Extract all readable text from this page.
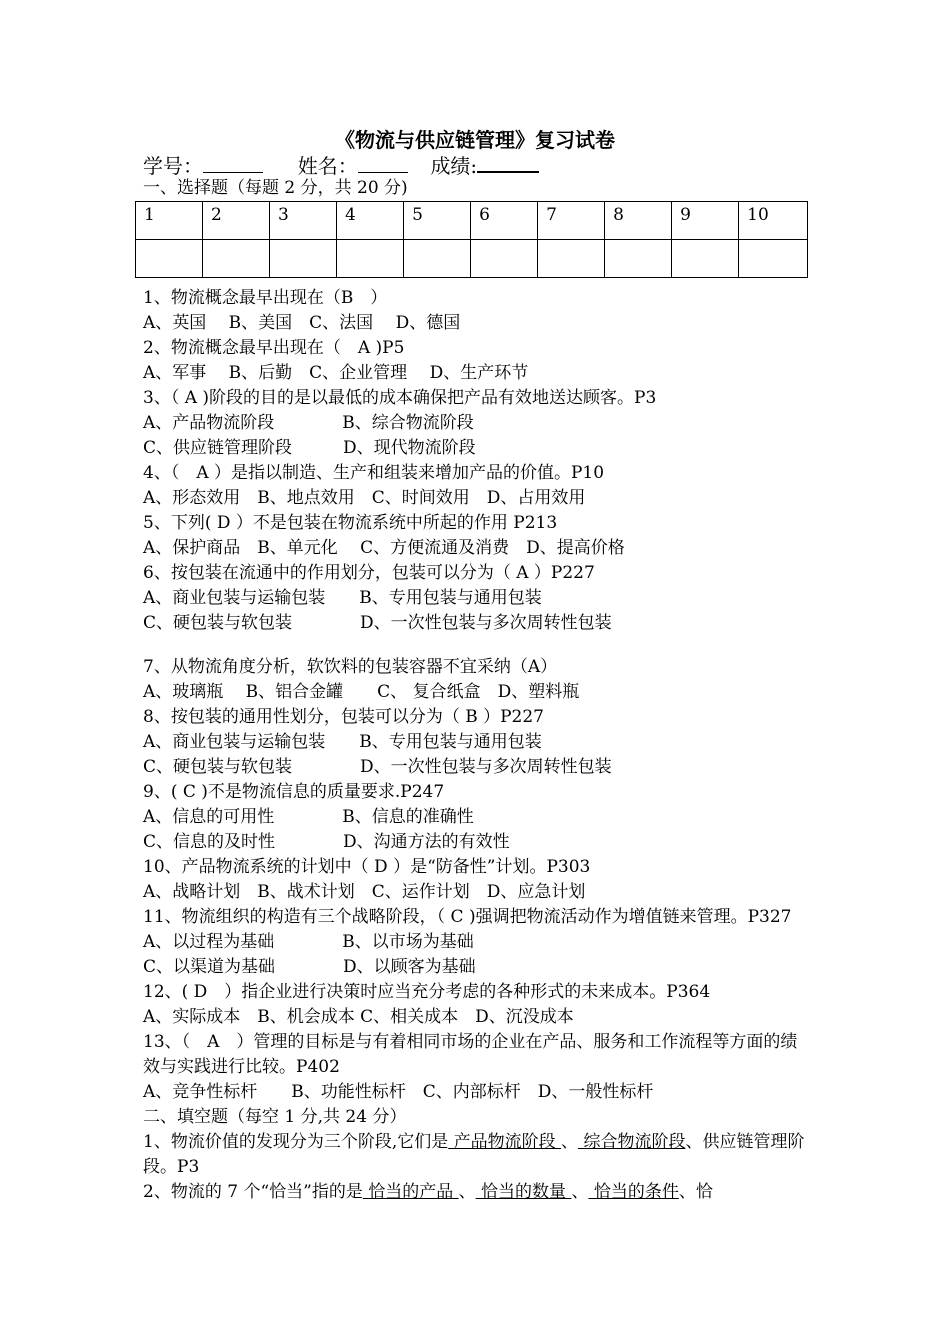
《物流与供应链管理》复习试卷
学号：	姓名：	成绩:
一、选择题（每题 2 分，共 20 分)
1	2	3	4	5	6	7	8	9	10

1、物流概念最早出现在（B　）
A、英国　 B、美国　C、法国　 D、德国
2、物流概念最早出现在（　A )P5
A、军事　 B、后勤　C、企业管理　 D、生产环节
3、（ A )阶段的目的是以最低的成本确保把产品有效地送达顾客。P3
A、产品物流阶段　　　　B、综合物流阶段
C、供应链管理阶段　　　D、现代物流阶段
4、（　A ）是指以制造、生产和组装来增加产品的价值。P10
A、形态效用　B、地点效用　C、时间效用　D、占用效用
5、下列( D ）不是包装在物流系统中所起的作用 P213
A、保护商品　B、单元化　 C、方便流通及消费　D、提高价格
6、按包装在流通中的作用划分，包装可以分为（ A ）P227
A、商业包装与运输包装　　B、专用包装与通用包装
C、硬包装与软包装　　　　D、一次性包装与多次周转性包装
7、从物流角度分析，软饮料的包装容器不宜采纳（A）
A、玻璃瓶　 B、铝合金罐　　C、 复合纸盒　D、塑料瓶
8、按包装的通用性划分，包装可以分为（ B ）P227
A、商业包装与运输包装　　B、专用包装与通用包装
C、硬包装与软包装　　　　D、一次性包装与多次周转性包装
9、( C )不是物流信息的质量要求.P247
A、信息的可用性　　　　B、信息的准确性
C、信息的及时性　　　　D、沟通方法的有效性
10、产品物流系统的计划中（ D ）是“防备性”计划。P303
A、战略计划　B、战术计划　C、运作计划　D、应急计划
11、物流组织的构造有三个战略阶段，（ C )强调把物流活动作为增值链来管理。P327
A、以过程为基础　　　　B、以市场为基础
C、以渠道为基础　　　　D、以顾客为基础
12、( D　）指企业进行决策时应当充分考虑的各种形式的未来成本。P364
A、实际成本　B、机会成本 C、相关成本　D、沉没成本
13、（　A　）管理的目标是与有着相同市场的企业在产品、服务和工作流程等方面的绩效与实践进行比较。P402
A、竞争性标杆　　B、功能性标杆　C、内部标杆　D、一般性标杆
二、填空题（每空 1 分,共 24 分）
1、物流价值的发现分为三个阶段,它们是 产品物流阶段 、 综合物流阶段、供应链管理阶段。P3
2、物流的 7 个“恰当”指的是 恰当的产品 、 恰当的数量 、 恰当的条件、恰
